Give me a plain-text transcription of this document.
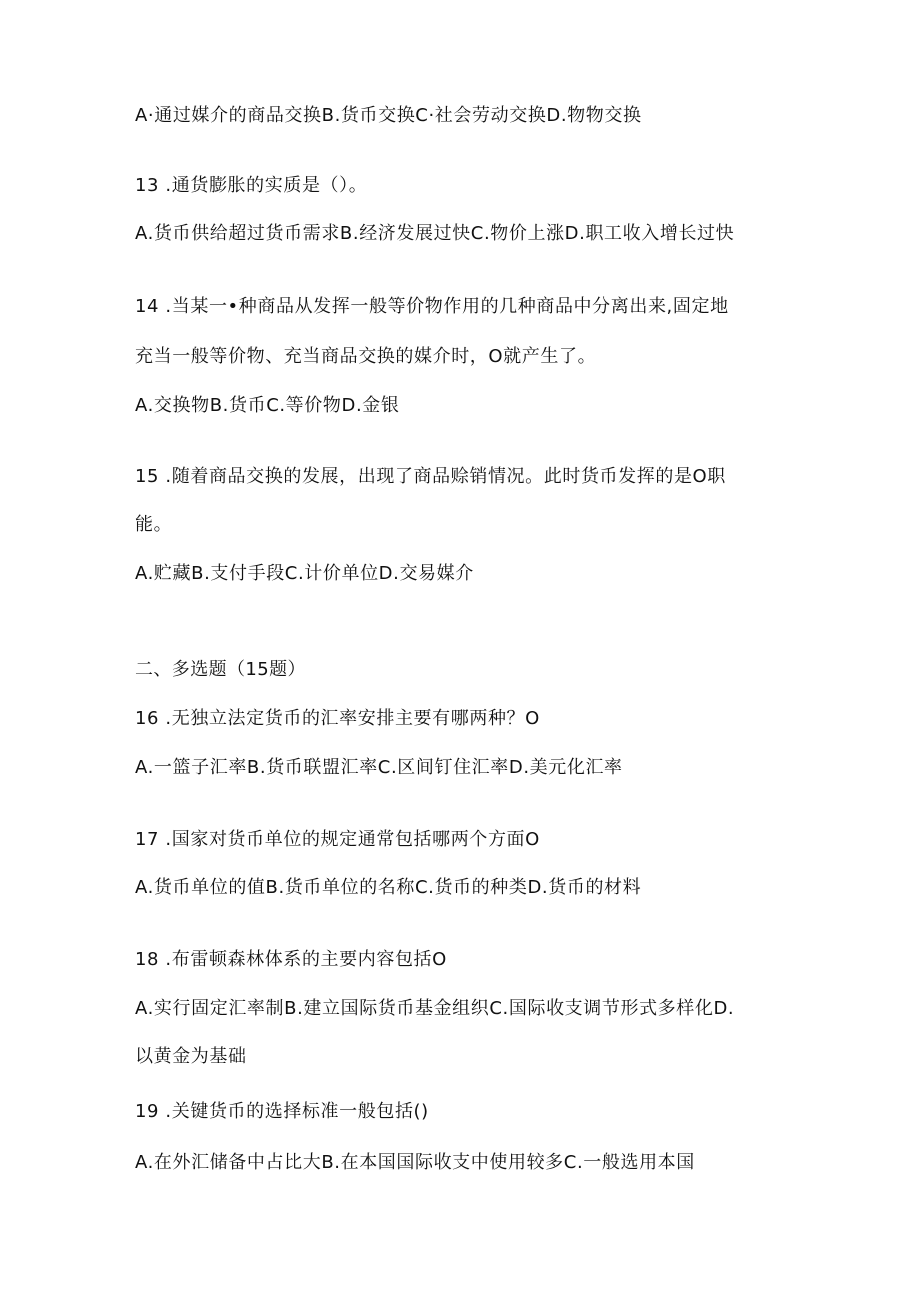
A·通过媒介的商品交换B.货币交换C·社会劳动交换D.物物交换
13 .通货膨胀的实质是（）。
A.货币供给超过货币需求B.经济发展过快C.物价上涨D.职工收入增长过快
14 .当某一•种商品从发挥一般等价物作用的几种商品中分离出来,固定地
充当一般等价物、充当商品交换的媒介时，O就产生了。
A.交换物B.货币C.等价物D.金银
15 .随着商品交换的发展，出现了商品赊销情况。此时货币发挥的是O职
能。
A.贮藏B.支付手段C.计价单位D.交易媒介
二、多选题（15题）
16 .无独立法定货币的汇率安排主要有哪两种？O
A.一篮子汇率B.货币联盟汇率C.区间钉住汇率D.美元化汇率
17 .国家对货币单位的规定通常包括哪两个方面O
A.货币单位的值B.货币单位的名称C.货币的种类D.货币的材料
18 .布雷顿森林体系的主要内容包括O
A.实行固定汇率制B.建立国际货币基金组织C.国际收支调节形式多样化D.
以黄金为基础
19 .关键货币的选择标准一般包括()
A.在外汇储备中占比大B.在本国国际收支中使用较多C.一般选用本国
